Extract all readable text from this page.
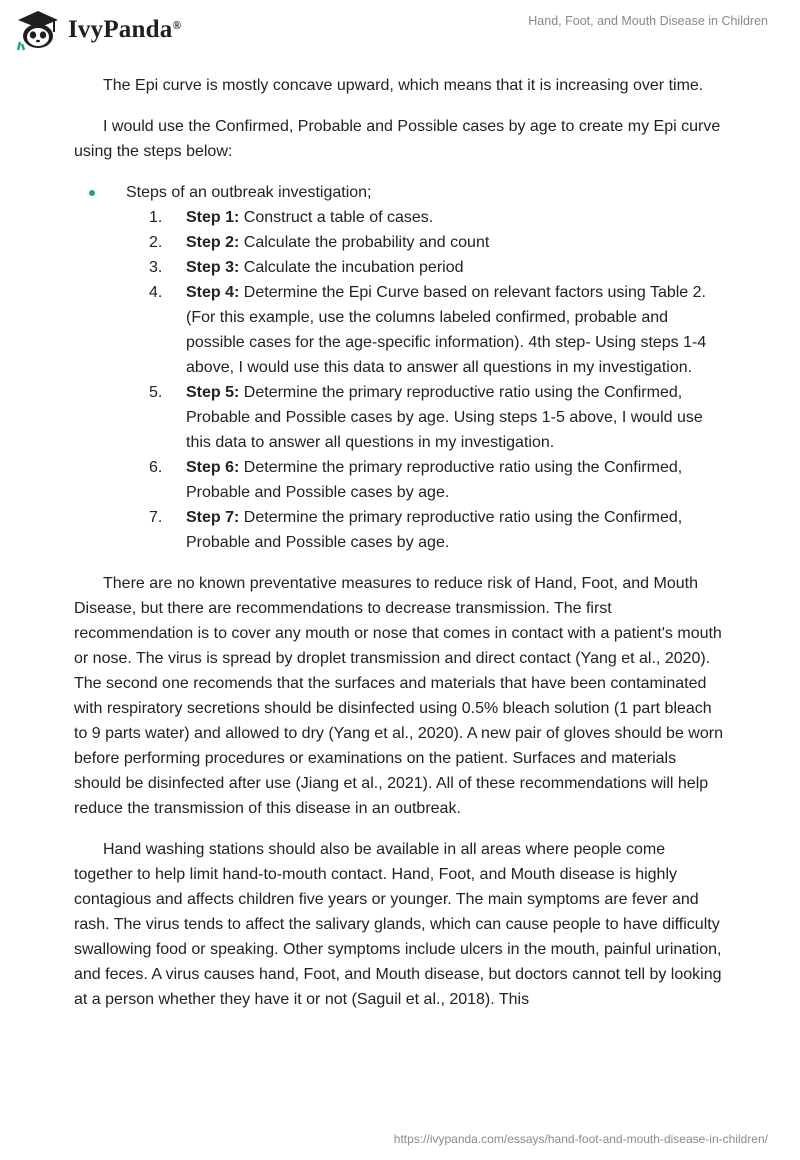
IvyPanda®	Hand, Foot, and Mouth Disease in Children

The Epi curve is mostly concave upward, which means that it is increasing over time.

I would use the Confirmed, Probable and Possible cases by age to create my Epi curve using the steps below:

Steps of an outbreak investigation;
1. Step 1: Construct a table of cases.
2. Step 2: Calculate the probability and count
3. Step 3: Calculate the incubation period
4. Step 4: Determine the Epi Curve based on relevant factors using Table 2. (For this example, use the columns labeled confirmed, probable and possible cases for the age-specific information). 4th step- Using steps 1-4 above, I would use this data to answer all questions in my investigation.
5. Step 5: Determine the primary reproductive ratio using the Confirmed, Probable and Possible cases by age. Using steps 1-5 above, I would use this data to answer all questions in my investigation.
6. Step 6: Determine the primary reproductive ratio using the Confirmed, Probable and Possible cases by age.
7. Step 7: Determine the primary reproductive ratio using the Confirmed, Probable and Possible cases by age.

There are no known preventative measures to reduce risk of Hand, Foot, and Mouth Disease, but there are recommendations to decrease transmission. The first recommendation is to cover any mouth or nose that comes in contact with a patient's mouth or nose. The virus is spread by droplet transmission and direct contact (Yang et al., 2020). The second one recomends that the surfaces and materials that have been contaminated with respiratory secretions should be disinfected using 0.5% bleach solution (1 part bleach to 9 parts water) and allowed to dry (Yang et al., 2020). A new pair of gloves should be worn before performing procedures or examinations on the patient. Surfaces and materials should be disinfected after use (Jiang et al., 2021). All of these recommendations will help reduce the transmission of this disease in an outbreak.

Hand washing stations should also be available in all areas where people come together to help limit hand-to-mouth contact. Hand, Foot, and Mouth disease is highly contagious and affects children five years or younger. The main symptoms are fever and rash. The virus tends to affect the salivary glands, which can cause people to have difficulty swallowing food or speaking. Other symptoms include ulcers in the mouth, painful urination, and feces. A virus causes hand, Foot, and Mouth disease, but doctors cannot tell by looking at a person whether they have it or not (Saguil et al., 2018). This

https://ivypanda.com/essays/hand-foot-and-mouth-disease-in-children/
